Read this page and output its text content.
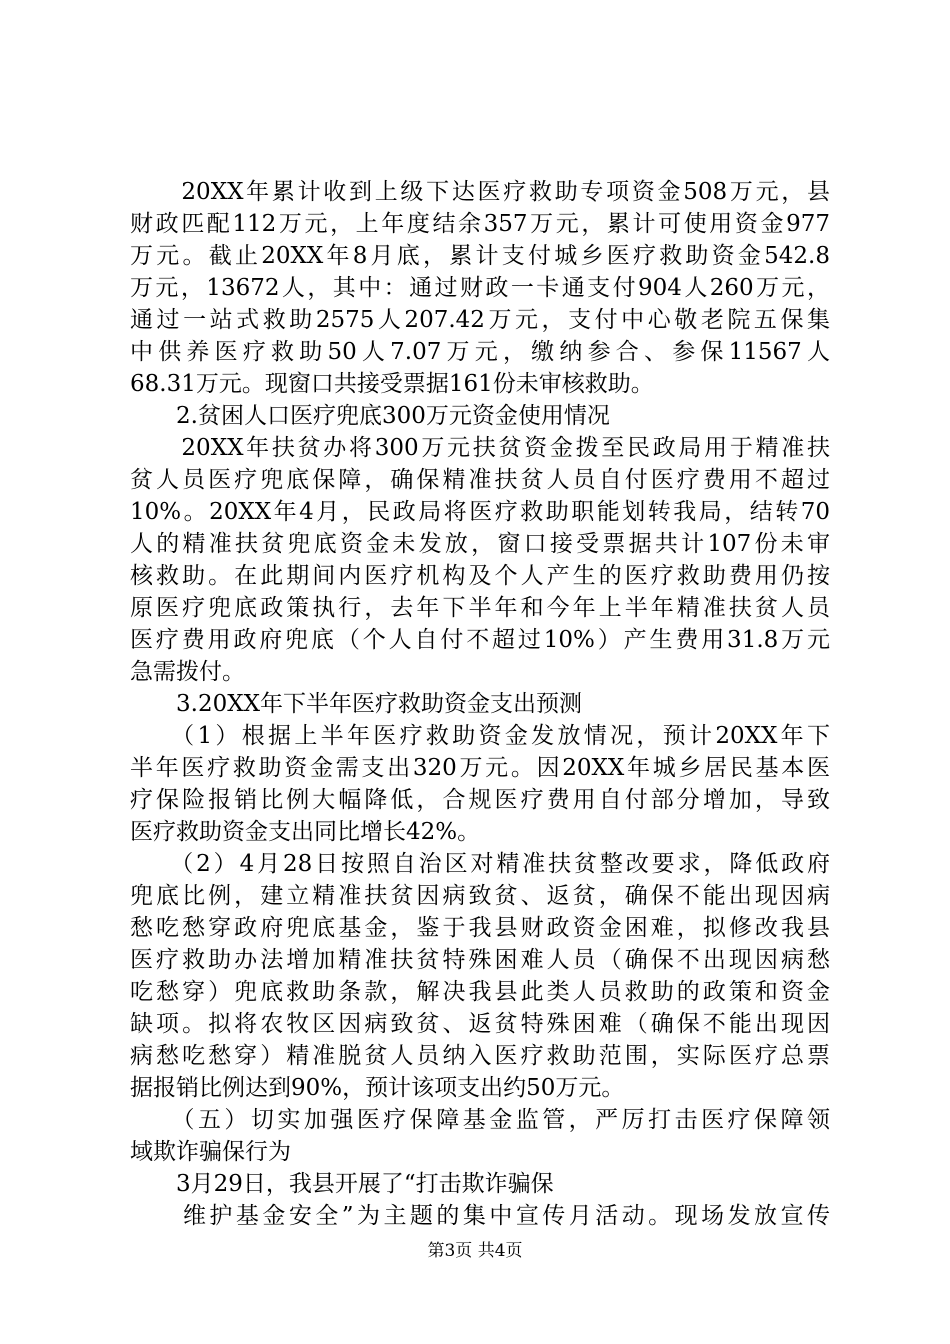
　　20XX年累计收到上级下达医疗救助专项资金508万元，县
财政匹配112万元，上年度结余357万元，累计可使用资金977
万元。截止20XX年8月底，累计支付城乡医疗救助资金542.8
万元，13672人，其中：通过财政一卡通支付904人260万元，
通过一站式救助2575人207.42万元，支付中心敬老院五保集
中供养医疗救助50人7.07万元，缴纳参合、参保11567人
68.31万元。现窗口共接受票据161份未审核救助。
　　2.贫困人口医疗兜底300万元资金使用情况
　　20XX年扶贫办将300万元扶贫资金拨至民政局用于精准扶
贫人员医疗兜底保障，确保精准扶贫人员自付医疗费用不超过
10%。20XX年4月，民政局将医疗救助职能划转我局，结转70
人的精准扶贫兜底资金未发放，窗口接受票据共计107份未审
核救助。在此期间内医疗机构及个人产生的医疗救助费用仍按
原医疗兜底政策执行，去年下半年和今年上半年精准扶贫人员
医疗费用政府兜底（个人自付不超过10%）产生费用31.8万元
急需拨付。
　　3.20XX年下半年医疗救助资金支出预测
　　（1）根据上半年医疗救助资金发放情况，预计20XX年下
半年医疗救助资金需支出320万元。因20XX年城乡居民基本医
疗保险报销比例大幅降低，合规医疗费用自付部分增加，导致
医疗救助资金支出同比增长42%。
　　（2）4月28日按照自治区对精准扶贫整改要求，降低政府
兜底比例，建立精准扶贫因病致贫、返贫，确保不能出现因病
愁吃愁穿政府兜底基金，鉴于我县财政资金困难，拟修改我县
医疗救助办法增加精准扶贫特殊困难人员（确保不出现因病愁
吃愁穿）兜底救助条款，解决我县此类人员救助的政策和资金
缺项。拟将农牧区因病致贫、返贫特殊困难（确保不能出现因
病愁吃愁穿）精准脱贫人员纳入医疗救助范围，实际医疗总票
据报销比例达到90%，预计该项支出约50万元。
　　（五）切实加强医疗保障基金监管，严厉打击医疗保障领
域欺诈骗保行为
　　3月29日，我县开展了“打击欺诈骗保
　　维护基金安全”为主题的集中宣传月活动。现场发放宣传
第3页 共4页
